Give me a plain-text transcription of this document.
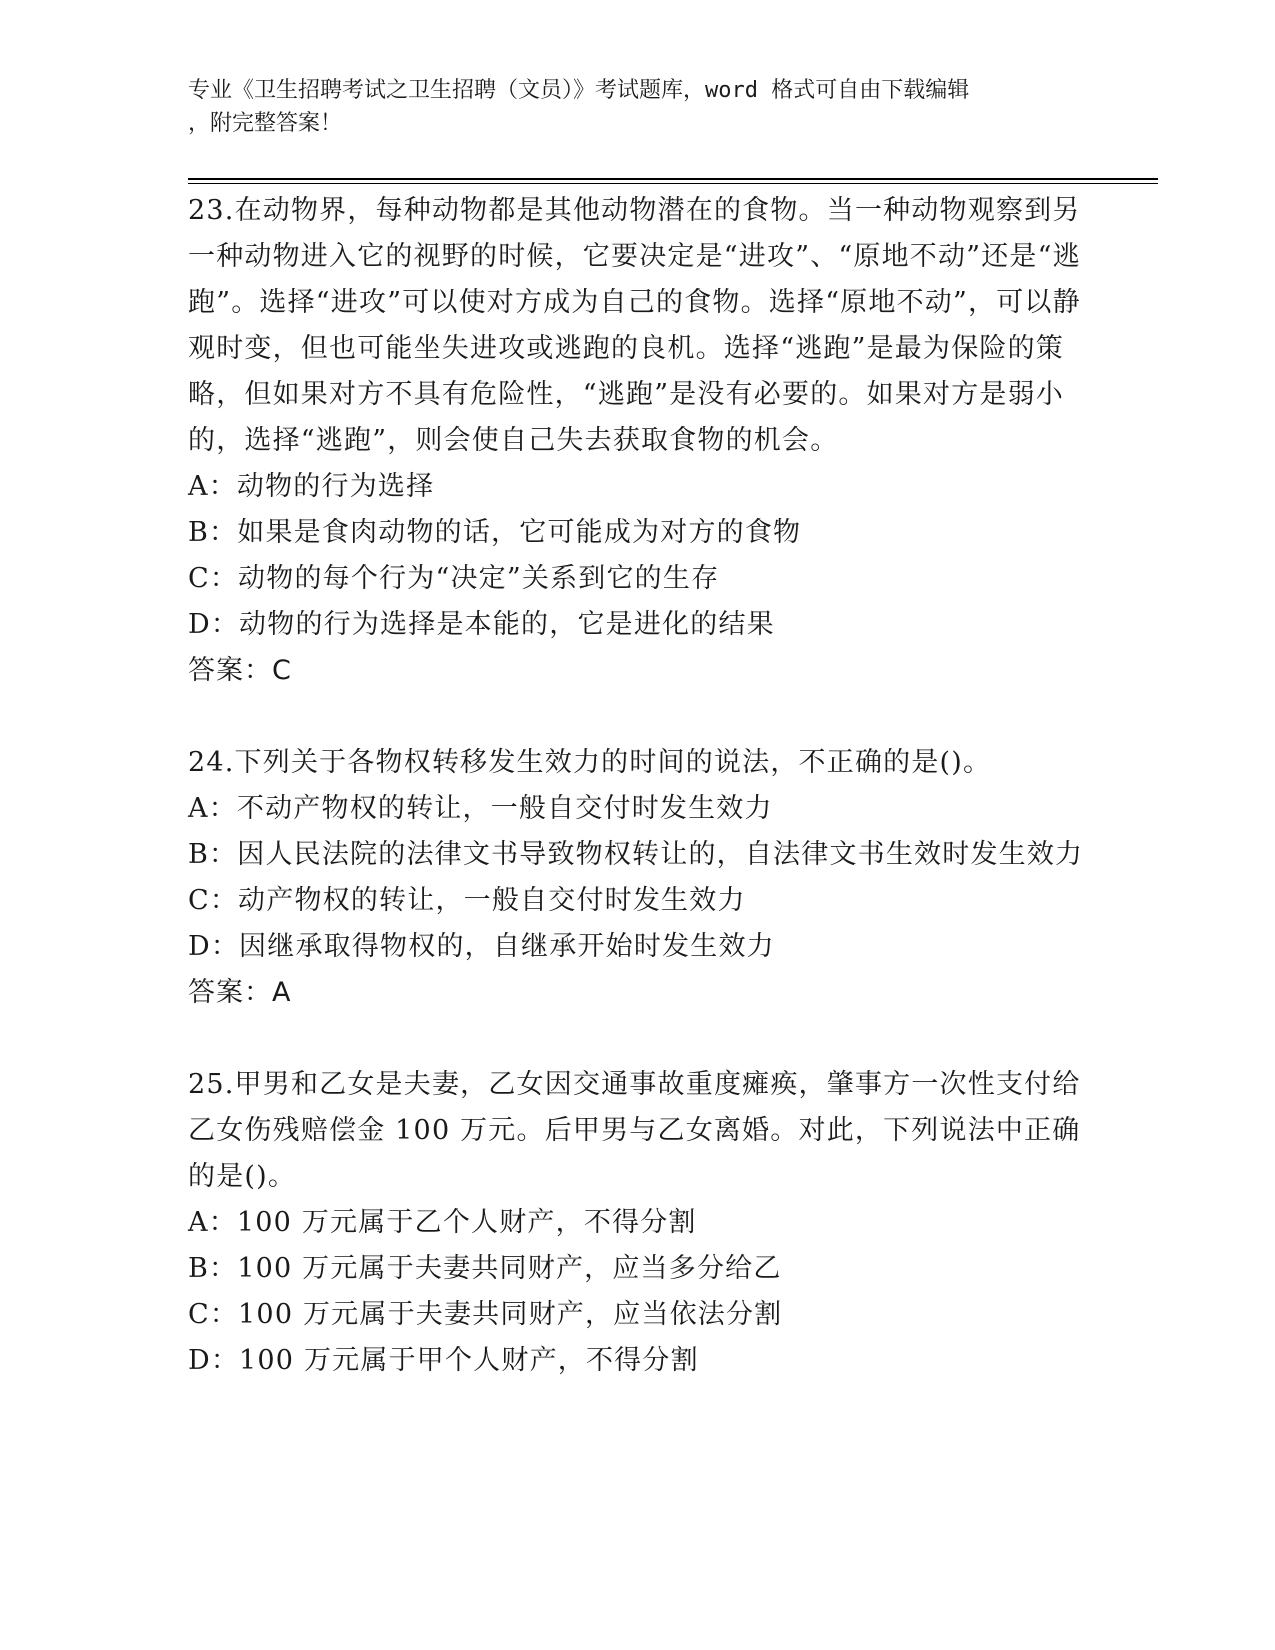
专业《卫生招聘考试之卫生招聘（文员）》考试题库，word 格式可自由下载编辑
，附完整答案！

23.在动物界，每种动物都是其他动物潜在的食物。当一种动物观察到另一种动物进入它的视野的时候，它要决定是“进攻”、“原地不动”还是“逃跑”。选择“进攻”可以使对方成为自己的食物。选择“原地不动”，可以静观时变，但也可能坐失进攻或逃跑的良机。选择“逃跑”是最为保险的策略，但如果对方不具有危险性，“逃跑”是没有必要的。如果对方是弱小的，选择“逃跑”，则会使自己失去获取食物的机会。

A：动物的行为选择

B：如果是食肉动物的话，它可能成为对方的食物

C：动物的每个行为“决定”关系到它的生存

D：动物的行为选择是本能的，它是进化的结果

答案：C

24.下列关于各物权转移发生效力的时间的说法，不正确的是()。

A：不动产物权的转让，一般自交付时发生效力

B：因人民法院的法律文书导致物权转让的，自法律文书生效时发生效力

C：动产物权的转让，一般自交付时发生效力

D：因继承取得物权的，自继承开始时发生效力

答案：A

25.甲男和乙女是夫妻，乙女因交通事故重度瘫痪，肇事方一次性支付给乙女伤残赔偿金 100 万元。后甲男与乙女离婚。对此，下列说法中正确的是()。

A：100 万元属于乙个人财产，不得分割

B：100 万元属于夫妻共同财产，应当多分给乙

C：100 万元属于夫妻共同财产，应当依法分割

D：100 万元属于甲个人财产，不得分割
